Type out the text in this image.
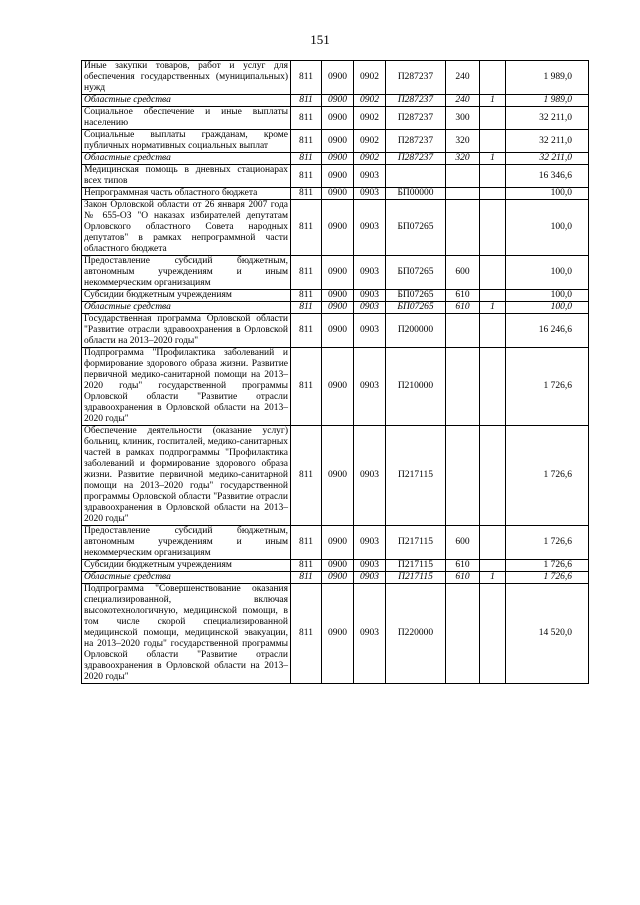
151
Иные закупки товаров, работ и услуг для обеспечения государственных (муниципальных) нужд	811	0900	0902	П287237	240		1 989,0
Областные средства	811	0900	0902	П287237	240	1	1 989,0
Социальное обеспечение и иные выплаты населению	811	0900	0902	П287237	300		32 211,0
Социальные выплаты гражданам, кроме публичных нормативных социальных выплат	811	0900	0902	П287237	320		32 211,0
Областные средства	811	0900	0902	П287237	320	1	32 211,0
Медицинская помощь в дневных стационарах всех типов	811	0900	0903				16 346,6
Непрограммная часть областного бюджета	811	0900	0903	БП00000			100,0
Закон Орловской области от 26 января 2007 года № 655-ОЗ "О наказах избирателей депутатам Орловского областного Совета народных депутатов" в рамках непрограммной части областного бюджета	811	0900	0903	БП07265			100,0
Предоставление субсидий бюджетным, автономным учреждениям и иным некоммерческим организациям	811	0900	0903	БП07265	600		100,0
Субсидии бюджетным учреждениям	811	0900	0903	БП07265	610		100,0
Областные средства	811	0900	0903	БП07265	610	1	100,0
Государственная программа Орловской области "Развитие отрасли здравоохранения в Орловской области на 2013–2020 годы"	811	0900	0903	П200000			16 246,6
Подпрограмма "Профилактика заболеваний и формирование здорового образа жизни. Развитие первичной медико-санитарной помощи на 2013–2020 годы" государственной программы Орловской области "Развитие отрасли здравоохранения в Орловской области на 2013–2020 годы"	811	0900	0903	П210000			1 726,6
Обеспечение деятельности (оказание услуг) больниц, клиник, госпиталей, медико-санитарных частей в рамках подпрограммы "Профилактика заболеваний и формирование здорового образа жизни. Развитие первичной медико-санитарной помощи на 2013–2020 годы" государственной программы Орловской области "Развитие отрасли здравоохранения в Орловской области на 2013–2020 годы"	811	0900	0903	П217115			1 726,6
Предоставление субсидий бюджетным, автономным учреждениям и иным некоммерческим организациям	811	0900	0903	П217115	600		1 726,6
Субсидии бюджетным учреждениям	811	0900	0903	П217115	610		1 726,6
Областные средства	811	0900	0903	П217115	610	1	1 726,6
Подпрограмма "Совершенствование оказания специализированной, включая высокотехнологичную, медицинской помощи, в том числе скорой специализированной медицинской помощи, медицинской эвакуации, на 2013–2020 годы" государственной программы Орловской области "Развитие отрасли здравоохранения в Орловской области на 2013–2020 годы"	811	0900	0903	П220000			14 520,0
